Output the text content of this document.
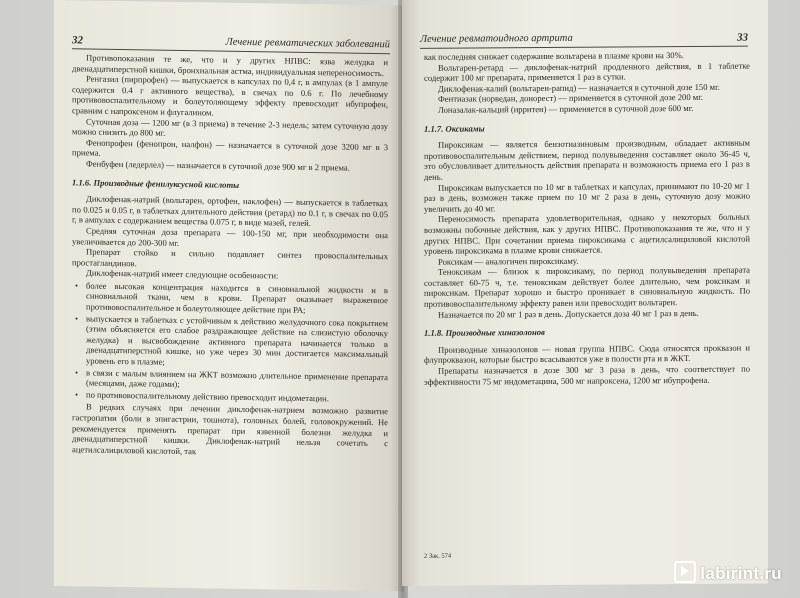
32	Лечение ревматических заболеваний

Противопоказания те же, что и у других НПВС: язва желудка и двенадцатиперстной кишки, бронхиальная астма, индивидуальная непереносимость.

Ренгазил (пирпрофен) — выпускается в капсулах по 0,4 г, в ампулах (в 1 ампуле содержится 0.4 г активного вещества), в свечах по 0.6 г. По лечебному противовоспалительному и болеутоляющему эффекту превосходит ибупрофен, сравним с напроксеном и флугалином.

Суточная доза — 1200 мг (в 3 приема) в течение 2-3 недель; затем суточную дозу можно снизить до 800 мг.

Фенопрофен (фенопрон, налфон) — назначается в суточной дозе 3200 мг в 3 приема.

Фенбуфен (ледерлел) — назначается в суточной дозе 900 мг в 2 приема.

1.1.6. Производные фенилуксусной кислоты

Диклофенак-натрий (вольтарен, ортофен, наклофен) — выпускается в таблетках по 0.025 и 0.05 г, в таблетках длительного действия (ретард) по 0.1 г, в свечах по 0.05 г, в ампулах с содержанием вещества 0.075 г, в виде мазей, гелей.

Средняя суточная доза препарата — 100-150 мг, при необходимости она увеличивается до 200-300 мг.

Препарат стойко и сильно подавляет синтез провоспалительных простагландинов.

Диклофенак-натрий имеет следующие особенности:

• более высокая концентрация находится в синовиальной жидкости и в синовиальной ткани, чем в крови. Препарат оказывает выраженное противовоспалительное и болеутоляющее действие при РА;
• выпускается в таблетках с устойчивым к действию желудочного сока покрытием (этим объясняется его слабое раздражающее действие на слизистую оболочку желудка) и высвобождение активного препарата начинается только в двенадцатиперстной кишке, но уже через 30 мин достигается максимальный уровень его в плазме;
• в связи с малым влиянием на ЖКТ возможно длительное применение препарата (месяцами, даже годами);
• по противовоспалительному действию превосходит индометацин.

В редких случаях при лечении диклофенак-натрием возможно развитие гастропатии (боли в эпигастрии, тошнота), головных болей, головокружений. Не рекомендуется применять препарат при язвенной болезни желудка и двенадцатиперстной кишки. Диклофенак-натрий нельзя сочетать с ацетилсалициловой кислотой, так

Лечение ревматоидного артрита	33

как последняя снижает содержание вольтарена в плазме крови на 30%.

Вольтарен-ретард — диклофенак-натрий продленного действия, в 1 таблетке содержит 100 мг препарата, применяется 1 раз в сутки.

Диклофенак-калий (вольтарен-рапид) — назначается в суточной дозе 150 мг.

Фентиазак (норведан, донорест) — применяется в суточной дозе 200 мг.

Лоназалак-кальций (ирритен) — применяется в суточной дозе 600 мг.

1.1.7. Оксикамы

Пироксикам — является бензотиазиновым производным, обладает активным противовоспалительным действием, период полувыведения составляет около 36-45 ч, это обусловливает длительность действия препарата и возможность приема его 1 раз в день.

Пироксикам выпускается по 10 мг в таблетках и капсулах, принимают по 10-20 мг 1 раз в день, возможен также прием по 10 мг 2 раза в день, суточную дозу можно увеличить до 40 мг.

Переносимость препарата удовлетворительная, однако у некоторых больных возможны побочные действия, как у других НПВС. Противопоказания те же, что и у других НПВС. При сочетании приема пироксикама с ацетилсалициловой кислотой уровень пироксикама в плазме крови снижается.

Роксикам — аналогичен пироксикаму.

Теноксикам — близок к пироксикаму, по период полувыведения препарата составляет 60-75 ч, т.е. теноксикам действует более длительно, чем роксикам и пироксикам. Препарат хорошо и быстро проникает в синовиальную жидкость. По противовоспалительному эффекту равен или превосходит вольтарен.

Назначается по 20 мг 1 раз в день. Допускается доза 40 мг 1 раз в день.

1.1.8. Производные хиназолонов

Производные хиназолонов — новая группа НПВС. Сюда относятся проквазон и флупроквазон, которые быстро всасываются уже в полости рта и в ЖКТ.

Препараты назначается в дозе 300 мг 3 раза в день, что соответствует по эффективности 75 мг индометацина, 500 мг напроксена, 1200 мг ибупрофена.

2 Зак. 574
labirint.ru
